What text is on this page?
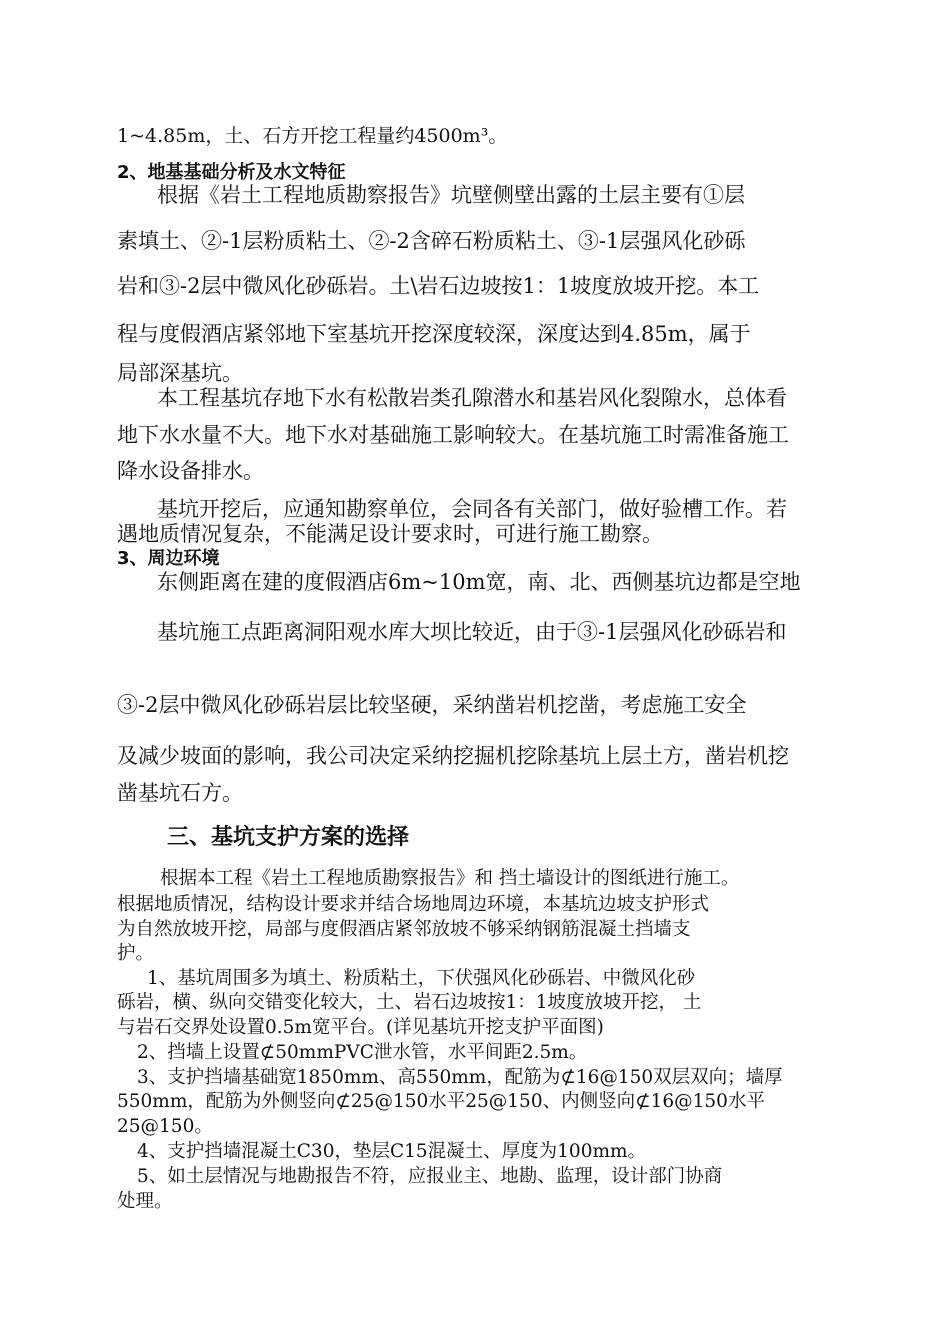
1~4.85m，土、石方开挖工程量约4500m³。
2、地基基础分析及水文特征
根据《岩土工程地质勘察报告》坑壁侧壁出露的土层主要有①层
素填土、②-1层粉质粘土、②-2含碎石粉质粘土、③-1层强风化砂砾
岩和③-2层中微风化砂砾岩。土\岩石边坡按1：1坡度放坡开挖。本工
程与度假酒店紧邻地下室基坑开挖深度较深，深度达到4.85m，属于
局部深基坑。
本工程基坑存地下水有松散岩类孔隙潜水和基岩风化裂隙水，总体看
地下水水量不大。地下水对基础施工影响较大。在基坑施工时需准备施工
降水设备排水。
基坑开挖后，应通知勘察单位，会同各有关部门，做好验槽工作。若
遇地质情况复杂，不能满足设计要求时，可进行施工勘察。
3、周边环境
东侧距离在建的度假酒店6m~10m宽，南、北、西侧基坑边都是空地
基坑施工点距离洞阳观水库大坝比较近，由于③-1层强风化砂砾岩和
③-2层中微风化砂砾岩层比较坚硬，采纳凿岩机挖凿，考虑施工安全
及减少坡面的影响，我公司决定采纳挖掘机挖除基坑上层土方，凿岩机挖
凿基坑石方。
三、基坑支护方案的选择
根据本工程《岩土工程地质勘察报告》和 挡土墙设计的图纸进行施工。
根据地质情况，结构设计要求并结合场地周边环境，本基坑边坡支护形式
为自然放坡开挖，局部与度假酒店紧邻放坡不够采纳钢筋混凝土挡墙支
护。
1、基坑周围多为填土、粉质粘土，下伏强风化砂砾岩、中微风化砂
砾岩，横、纵向交错变化较大，土、岩石边坡按1：1坡度放坡开挖， 土
与岩石交界处设置0.5m宽平台。(详见基坑开挖支护平面图)
2、挡墙上设置⊄50mmPVC泄水管，水平间距2.5m。
3、支护挡墙基础宽1850mm、高550mm，配筋为⊄16@150双层双向；墙厚
550mm，配筋为外侧竖向⊄25@150水平25@150、内侧竖向⊄16@150水平
25@150。
4、支护挡墙混凝土C30，垫层C15混凝土、厚度为100mm。
5、如土层情况与地勘报告不符，应报业主、地勘、监理，设计部门协商
处理。
